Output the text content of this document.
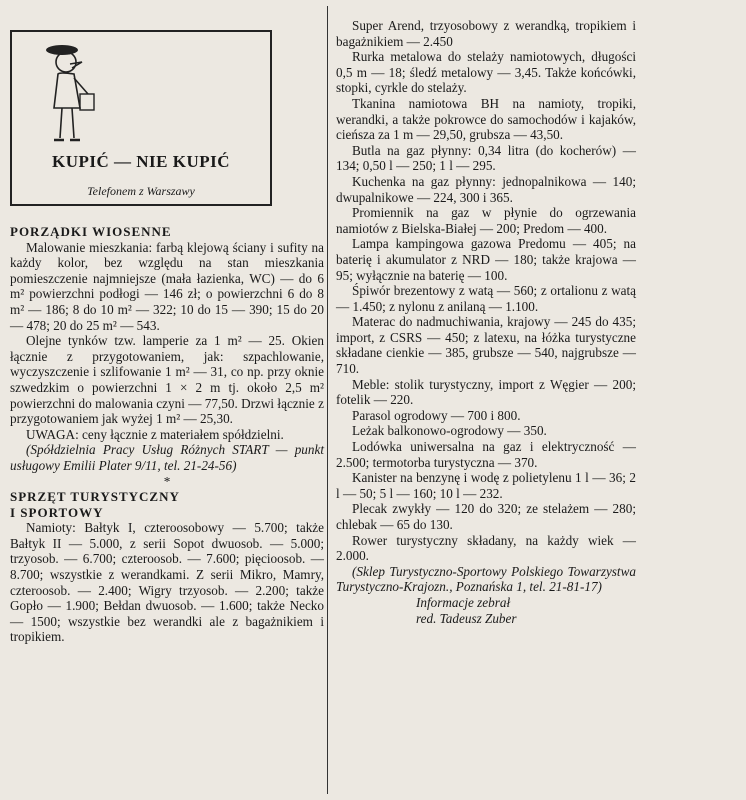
KUPIĆ — NIE KUPIĆ
Telefonem z Warszawy

PORZĄDKI WIOSENNE

Malowanie mieszkania: farbą klejową ściany i sufity na każdy kolor, bez względu na stan mieszkania pomieszczenie najmniejsze (mała łazienka, WC) — do 6 m² powierzchni podłogi — 146 zł; o powierzchni 6 do 8 m² — 186; 8 do 10 m² — 322; 10 do 15 — 390; 15 do 20 — 478; 20 do 25 m² — 543.

Olejne tynków tzw. lamperie za 1 m² — 25. Okien łącznie z przygotowaniem, jak: szpachlowanie, wyczyszczenie i szlifowanie 1 m² — 31, co np. przy oknie szwedzkim o powierzchni 1 × 2 m tj. około 2,5 m² powierzchni do malowania czyni — 77,50. Drzwi łącznie z przygotowaniem jak wyżej 1 m² — 25,30.

UWAGA: ceny łącznie z materiałem spółdzielni.

(Spółdzielnia Pracy Usług Różnych START — punkt usługowy Emilii Plater 9/11, tel. 21-24-56)

*

SPRZĘT TURYSTYCZNY

I SPORTOWY

Namioty: Bałtyk I, czteroosobowy — 5.700; także Bałtyk II — 5.000, z serii Sopot dwuosob. — 5.000; trzyosob. — 6.700; czteroosob. — 7.600; pięcioosob. — 8.700; wszystkie z werandkami. Z serii Mikro, Mamry, czteroosob. — 2.400; Wigry trzyosob. — 2.200; także Gopło — 1.900; Bełdan dwuosob. — 1.600; także Necko — 1500; wszystkie bez werandki ale z bagażnikiem i tropikiem.

Super Arend, trzyosobowy z werandką, tropikiem i bagażnikiem — 2.450

Rurka metalowa do stelaży namiotowych, długości 0,5 m — 18; śledź metalowy — 3,45. Także końcówki, stopki, cyrkle do stelaży.

Tkanina namiotowa BH na namioty, tropiki, werandki, a także pokrowce do samochodów i kajaków, cieńsza za 1 m — 29,50, grubsza — 43,50.

Butla na gaz płynny: 0,34 litra (do kocherów) — 134; 0,50 l — 250; 1 l — 295.

Kuchenka na gaz płynny: jednopalnikowa — 140; dwupalnikowe — 224, 300 i 365.

Promiennik na gaz w płynie do ogrzewania namiotów z Bielska-Białej — 200; Predom — 400.

Lampa kampingowa gazowa Predomu — 405; na baterię i akumulator z NRD — 180; także krajowa — 95; wyłącznie na baterię — 100.

Śpiwór brezentowy z watą — 560; z ortalionu z watą — 1.450; z nylonu z anilaną — 1.100.

Materac do nadmuchiwania, krajowy — 245 do 435; import, z CSRS — 450; z latexu, na łóżka turystyczne składane cienkie — 385, grubsze — 540, najgrubsze — 710.

Meble: stolik turystyczny, import z Węgier — 200; fotelik — 220.

Parasol ogrodowy — 700 i 800.

Leżak balkonowo-ogrodowy — 350.

Lodówka uniwersalna na gaz i elektryczność — 2.500; termotorba turystyczna — 370.

Kanister na benzynę i wodę z polietylenu 1 l — 36; 2 l — 50; 5 l — 160; 10 l — 232.

Plecak zwykły — 120 do 320; ze stelażem — 280; chlebak — 65 do 130.

Rower turystyczny składany, na każdy wiek — 2.000.

(Sklep Turystyczno-Sportowy Polskiego Towarzystwa Turystyczno-Krajozn., Poznańska 1, tel. 21-81-17)

Informacje zebrał

red. Tadeusz Zuber
